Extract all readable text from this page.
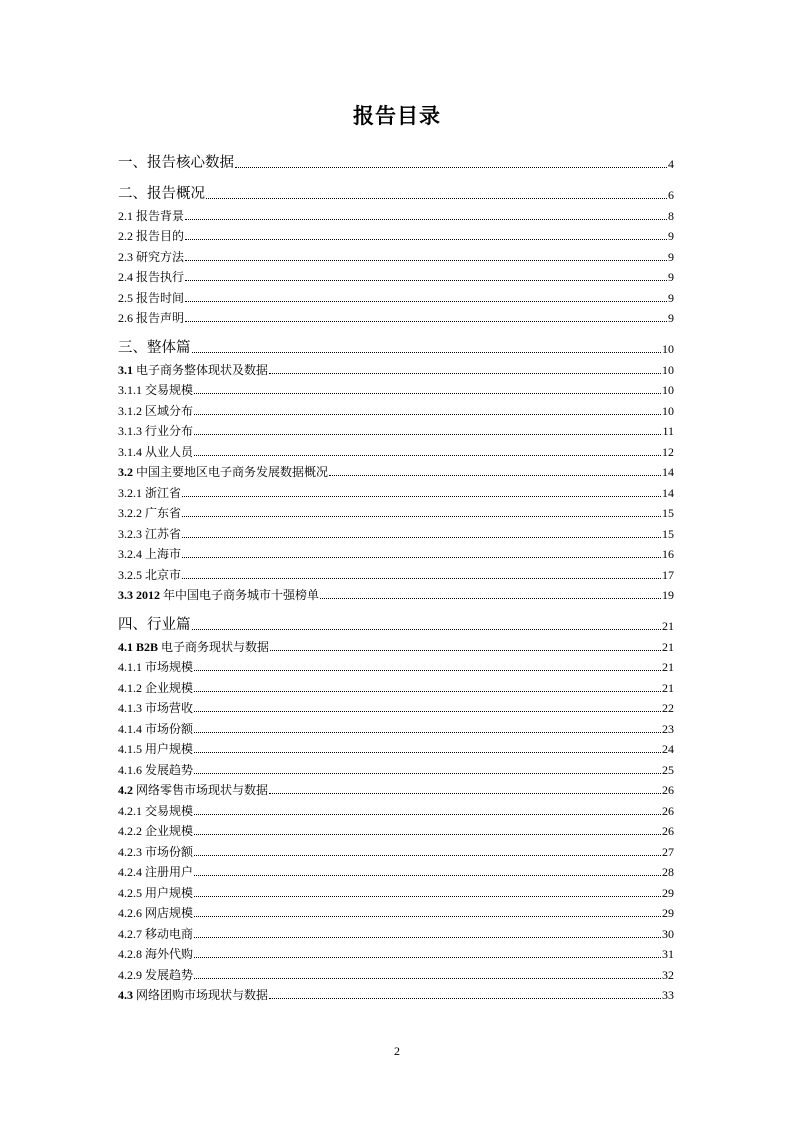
报告目录
一、报告核心数据	4
二、报告概况	6
2.1 报告背景	8
2.2 报告目的	9
2.3 研究方法	9
2.4 报告执行	9
2.5 报告时间	9
2.6 报告声明	9
三、整体篇	10
3.1 电子商务整体现状及数据	10
3.1.1 交易规模	10
3.1.2 区域分布	10
3.1.3 行业分布	11
3.1.4 从业人员	12
3.2 中国主要地区电子商务发展数据概况	14
3.2.1 浙江省	14
3.2.2 广东省	15
3.2.3 江苏省	15
3.2.4 上海市	16
3.2.5 北京市	17
3.3 2012 年中国电子商务城市十强榜单	19
四、行业篇	21
4.1 B2B 电子商务现状与数据	21
4.1.1 市场规模	21
4.1.2 企业规模	21
4.1.3 市场营收	22
4.1.4 市场份额	23
4.1.5 用户规模	24
4.1.6 发展趋势	25
4.2 网络零售市场现状与数据	26
4.2.1 交易规模	26
4.2.2 企业规模	26
4.2.3 市场份额	27
4.2.4 注册用户	28
4.2.5 用户规模	29
4.2.6 网店规模	29
4.2.7 移动电商	30
4.2.8 海外代购	31
4.2.9 发展趋势	32
4.3 网络团购市场现状与数据	33
2
